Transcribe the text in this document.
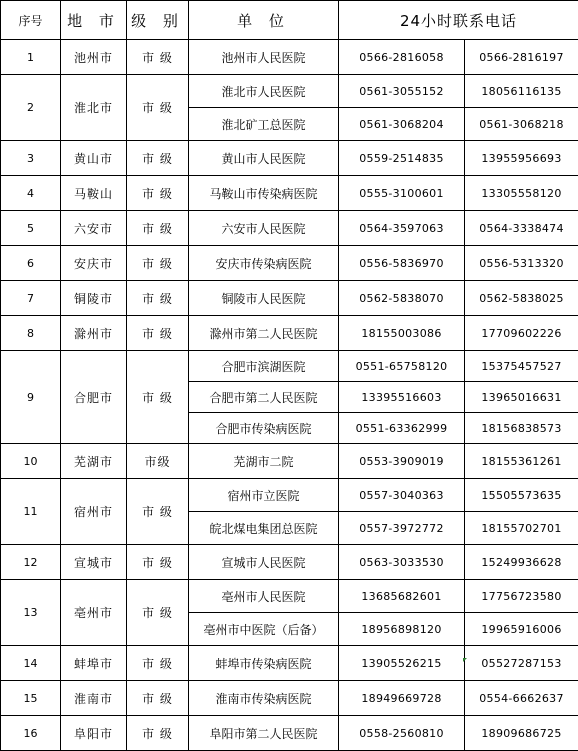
序号	地 市	级 别	单 位	24小时联系电话	
1	池州市	市 级	池州市人民医院	0566-2816058	0566-2816197
2	淮北市	市 级	淮北市人民医院	0561-3055152	18056116135
			淮北矿工总医院	0561-3068204	0561-3068218
3	黄山市	市 级	黄山市人民医院	0559-2514835	13955956693
4	马鞍山	市 级	马鞍山市传染病医院	0555-3100601	13305558120
5	六安市	市 级	六安市人民医院	0564-3597063	0564-3338474
6	安庆市	市 级	安庆市传染病医院	0556-5836970	0556-5313320
7	铜陵市	市 级	铜陵市人民医院	0562-5838070	0562-5838025
8	滁州市	市 级	滁州市第二人民医院	18155003086	17709602226
9	合肥市	市 级	合肥市滨湖医院	0551-65758120	15375457527
			合肥市第二人民医院	13395516603	13965016631
			合肥市传染病医院	0551-63362999	18156838573
10	芜湖市	市级	芜湖市二院	0553-3909019	18155361261
11	宿州市	市 级	宿州市立医院	0557-3040363	15505573635
			皖北煤电集团总医院	0557-3972772	18155702701
12	宣城市	市 级	宣城市人民医院	0563-3033530	15249936628
13	亳州市	市 级	亳州市人民医院	13685682601	17756723580
			亳州市中医院（后备）	18956898120	19965916006
14	蚌埠市	市 级	蚌埠市传染病医院	13905526215	05527287153
15	淮南市	市 级	淮南市传染病医院	18949669728	0554-6662637
16	阜阳市	市 级	阜阳市第二人民医院	0558-2560810	18909686725
